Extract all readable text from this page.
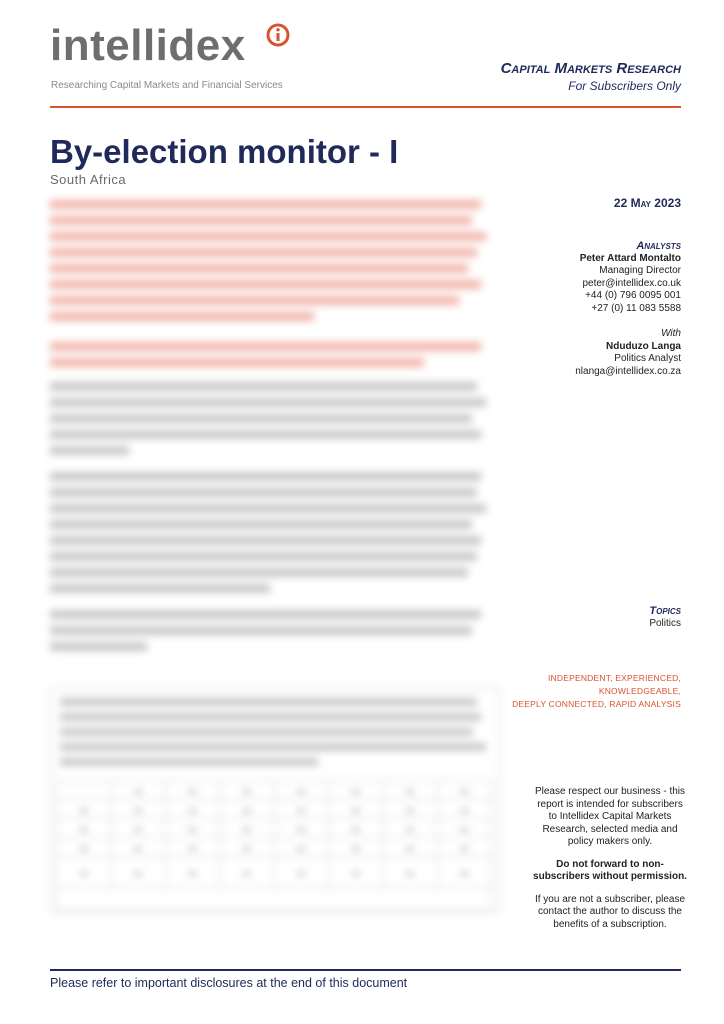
intellidex
Researching Capital Markets and Financial Services
Capital Markets Research
For Subscribers Only
By-election monitor - I
South Africa
	▬	▬	▬	▬	▬	▬	▬
▬	▬	▬	▬	▬	▬	▬	▬
▬	▬	▬	▬	▬	▬	▬	▬
▬	▬	▬	▬	▬	▬	▬	▬
▬	▬	▬	▬	▬	▬	▬	▬

22 May 2023
Analysts
Peter Attard Montalto
Managing Director
peter@intellidex.co.uk
+44 (0) 796 0095 001
+27 (0) 11 083 5588
With
Nduduzo Langa
Politics Analyst
nlanga@intellidex.co.za
Topics
Politics
INDEPENDENT, EXPERIENCED,
KNOWLEDGEABLE,
DEEPLY CONNECTED, RAPID ANALYSIS
Please respect our business - this report is intended for subscribers to Intellidex Capital Markets Research, selected media and policy makers only.
Do not forward to non-subscribers without permission.
If you are not a subscriber, please contact the author to discuss the benefits of a subscription.
Please refer to important disclosures at the end of this document
